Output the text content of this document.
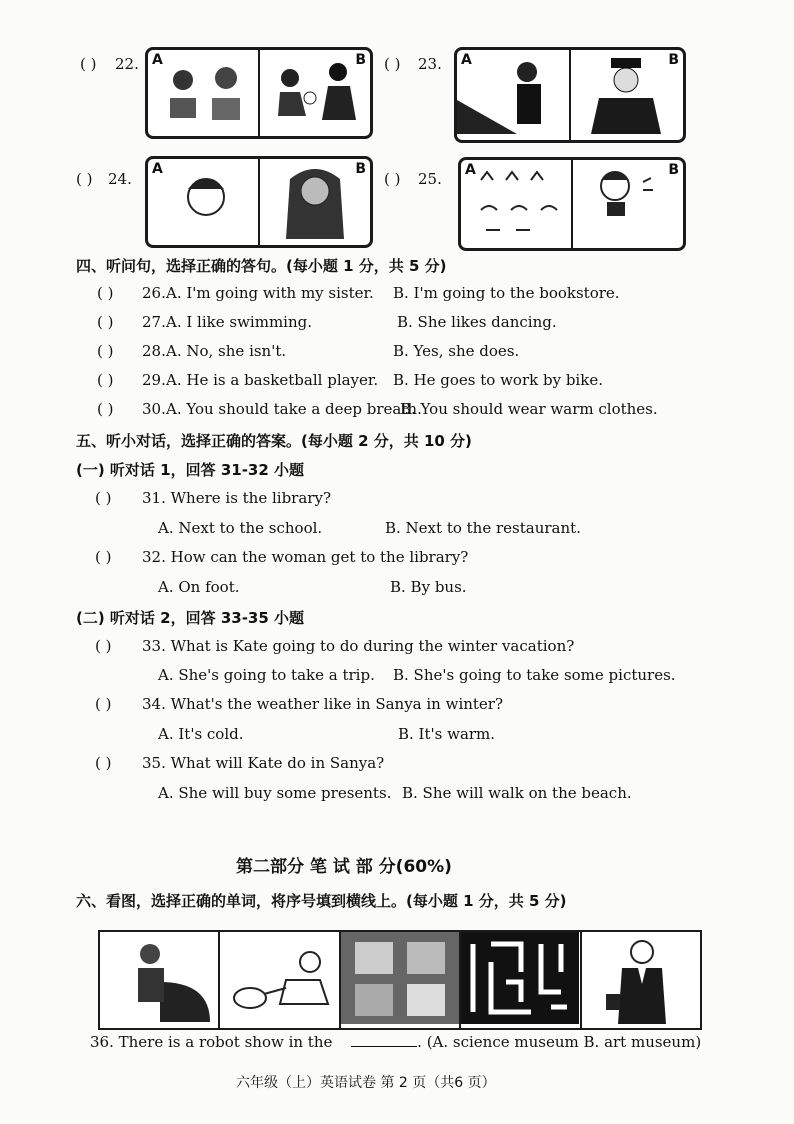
( ) 22. A	B ( ) 23. A	B
( ) 24.
A	B
( ) 25. A	B
四、听问句，选择正确的答句。(每小题 1 分，共 5 分)
( ) 26. A. I'm going with my sister. B. I'm going to the bookstore.
( ) 27. A. I like swimming.	B. She likes dancing.
( ) 28. A. No, she isn't.	B. Yes, she does.
( ) 29. A. He is a basketball player. B. He goes to work by bike.
( ) 30. A. You should take a deep breath.
B. You should wear warm clothes.
五、听小对话，选择正确的答案。(每小题 2 分，共 10 分)
(一) 听对话 1，回答 31-32 小题
( ) 31. Where is the library?
A. Next to the school.	B. Next to the restaurant.
( ) 32. How can the woman get to the library?
A. On foot.	B. By bus.
(二) 听对话 2，回答 33-35 小题
( ) 33. What is Kate going to do during the winter vacation?
A. She's going to take a trip. B. She's going to take some pictures.
( ) 34. What's the weather like in Sanya in winter?
A. It's cold.	B. It's warm.
( ) 35. What will Kate do in Sanya?
A. She will buy some presents. B. She will walk on the beach.
第二部分 笔 试 部 分(60%)
六、看图，选择正确的单词，将序号填到横线上。(每小题 1 分，共 5 分)
36. There is a robot show in the	. (A. science museum B. art museum)
六年级（上）英语试卷 第 2 页（共6 页）
